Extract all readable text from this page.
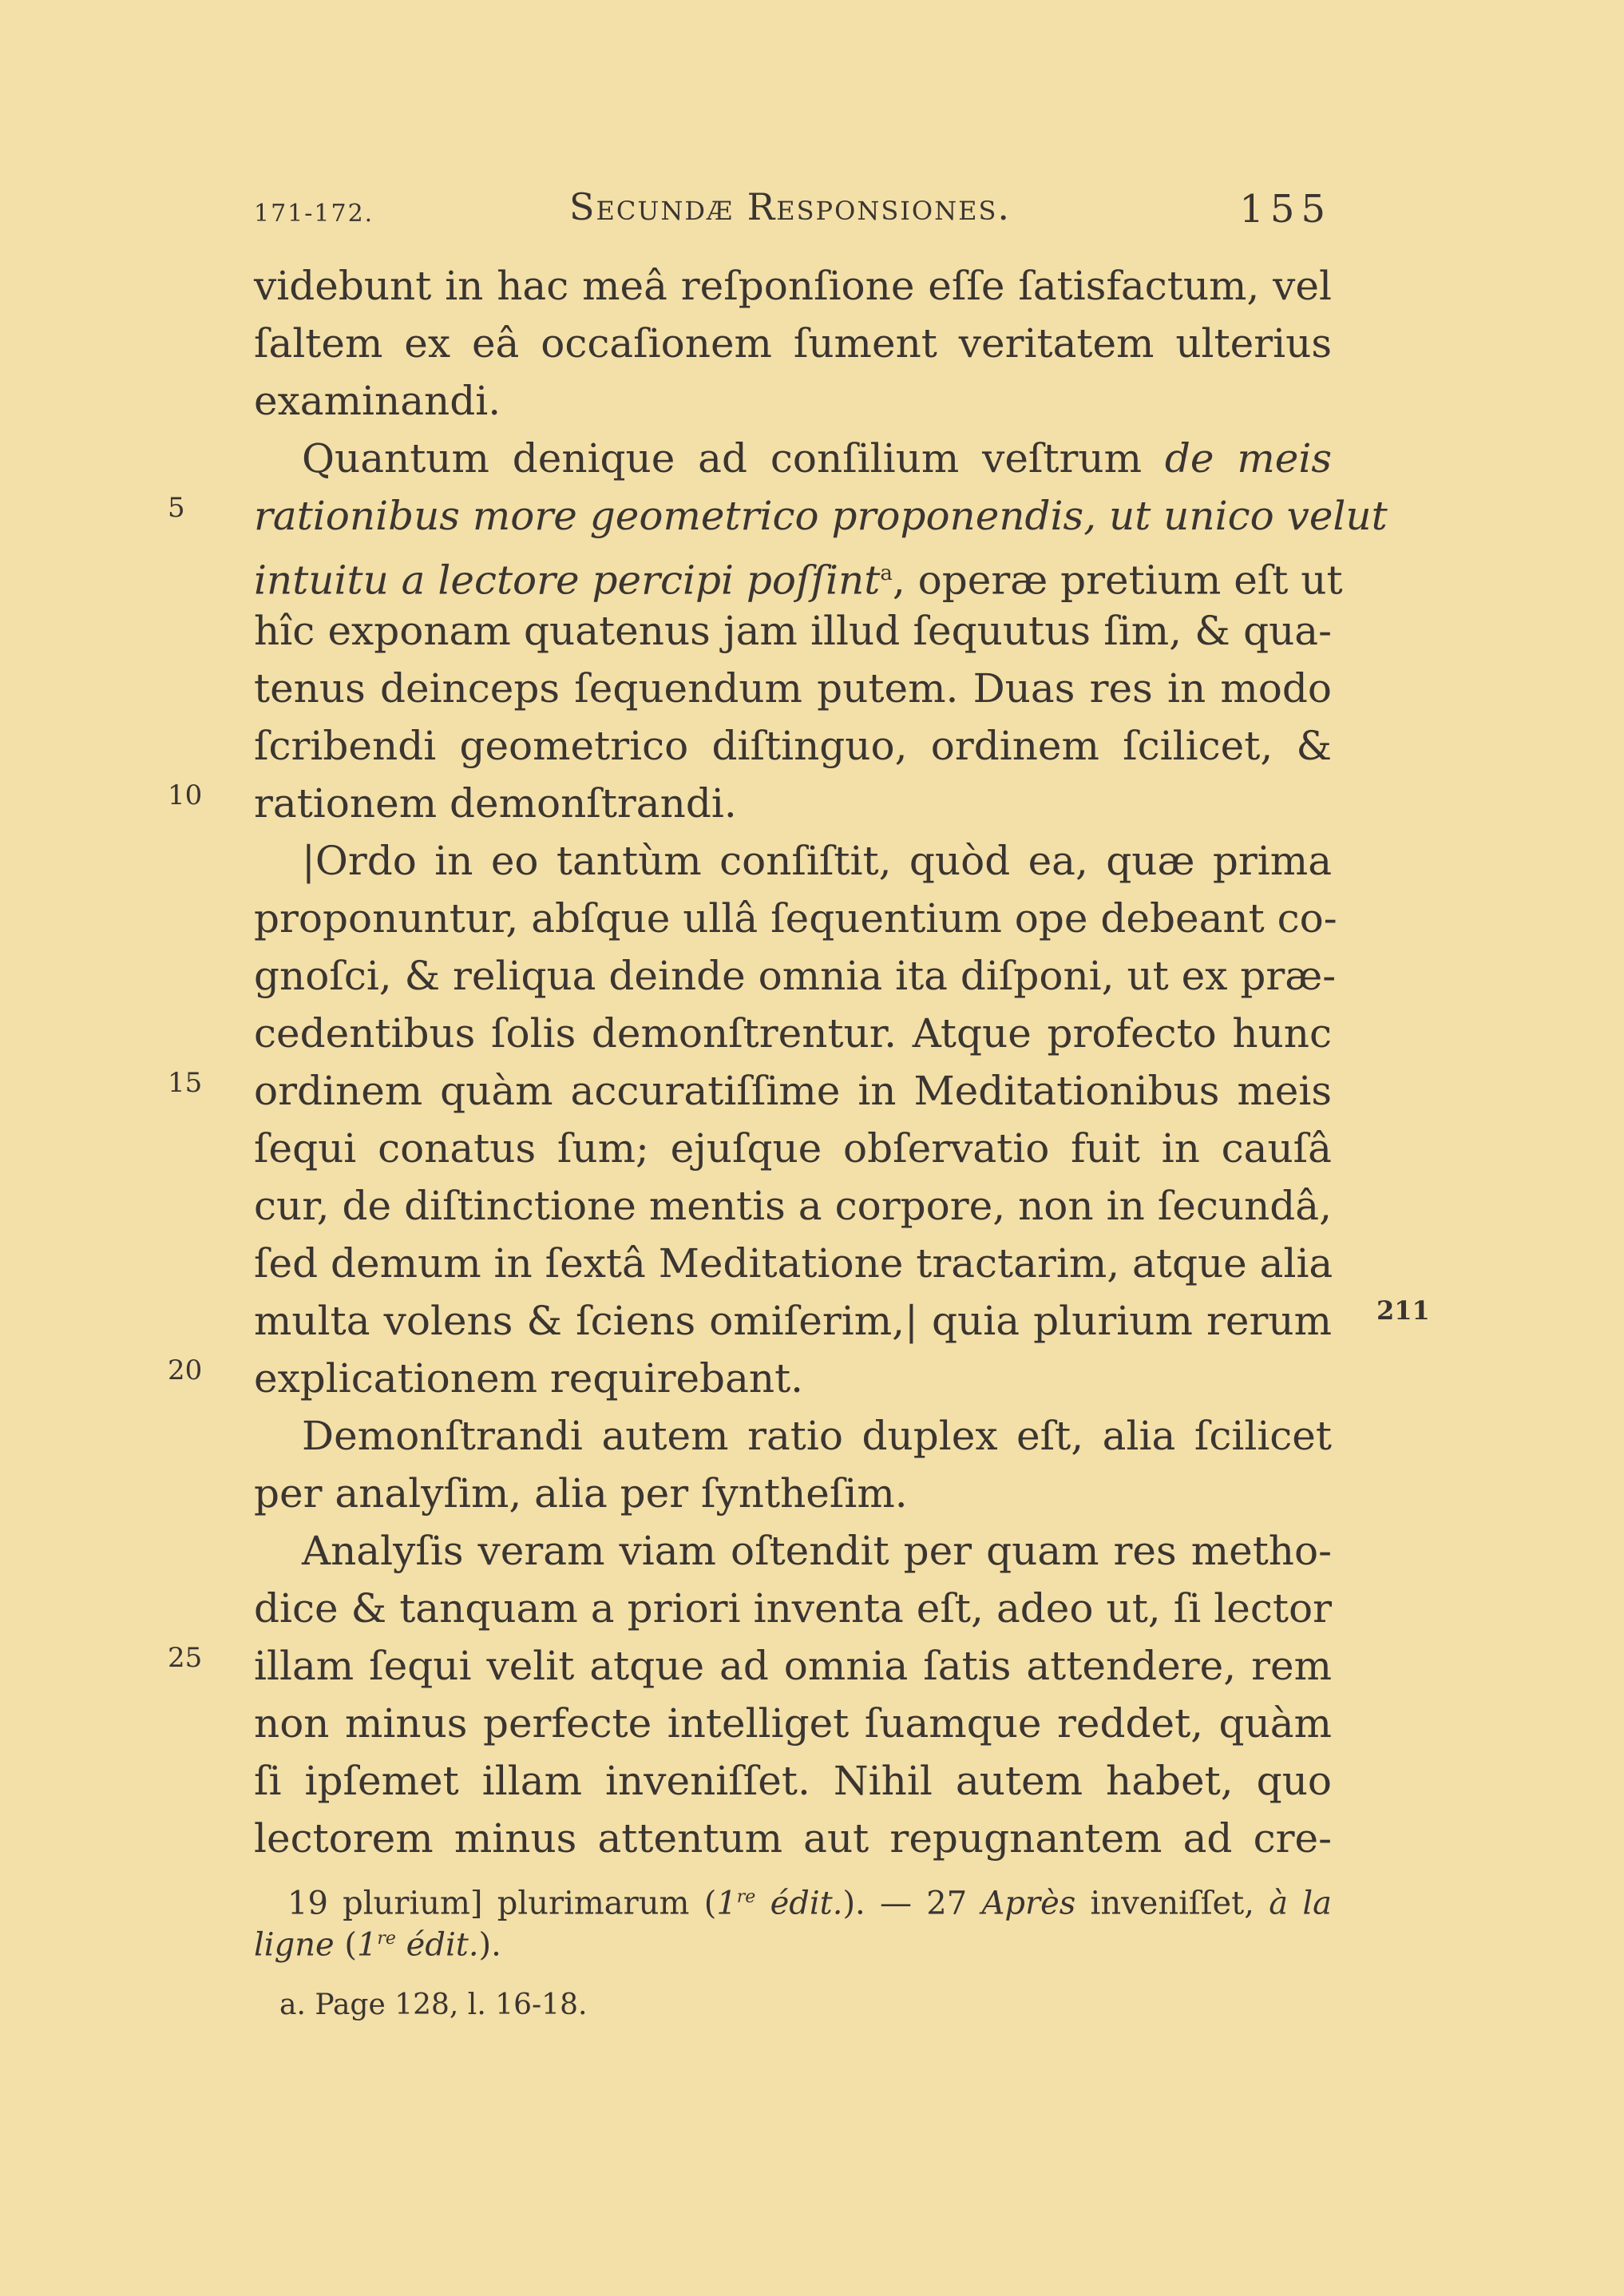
171-172.	Secundæ Responsiones.	155
5
10
15
20
25
211
videbunt in hac meâ reſponſione eſſe ſatisfactum, vel
ſaltem ex eâ occaſionem ſument veritatem ulterius
examinandi.
Quantum denique ad conſilium veſtrum de meis
rationibus more geometrico proponendis, ut unico velut
intuitu a lectore percipi poſſint$^a$, operæ pretium eſt ut
hîc exponam quatenus jam illud ſequutus ſim, & qua-
tenus deinceps ſequendum putem. Duas res in modo
ſcribendi geometrico diſtinguo, ordinem ſcilicet, &
rationem demonſtrandi.
|Ordo in eo tantùm conſiſtit, quòd ea, quæ prima
proponuntur, abſque ullâ ſequentium ope debeant co-
gnoſci, & reliqua deinde omnia ita diſponi, ut ex præ-
cedentibus ſolis demonſtrentur. Atque profecto hunc
ordinem quàm accuratiſſime in Meditationibus meis
ſequi conatus ſum; ejuſque obſervatio fuit in cauſâ
cur, de diſtinctione mentis a corpore, non in ſecundâ,
ſed demum in ſextâ Meditatione tractarim, atque alia
multa volens & ſciens omiſerim,| quia plurium rerum
explicationem requirebant.
Demonſtrandi autem ratio duplex eſt, alia ſcilicet
per analyſim, alia per ſyntheſim.
Analyſis veram viam oſtendit per quam res metho-
dice & tanquam a priori inventa eſt, adeo ut, ſi lector
illam ſequi velit atque ad omnia ſatis attendere, rem
non minus perfecte intelliget ſuamque reddet, quàm
ſi ipſemet illam inveniſſet. Nihil autem habet, quo
lectorem minus attentum aut repugnantem ad cre-
19 plurium] plurimarum (1re édit.). — 27 Après inveniſſet, à la
ligne (1re édit.).
a. Page 128, l. 16-18.
